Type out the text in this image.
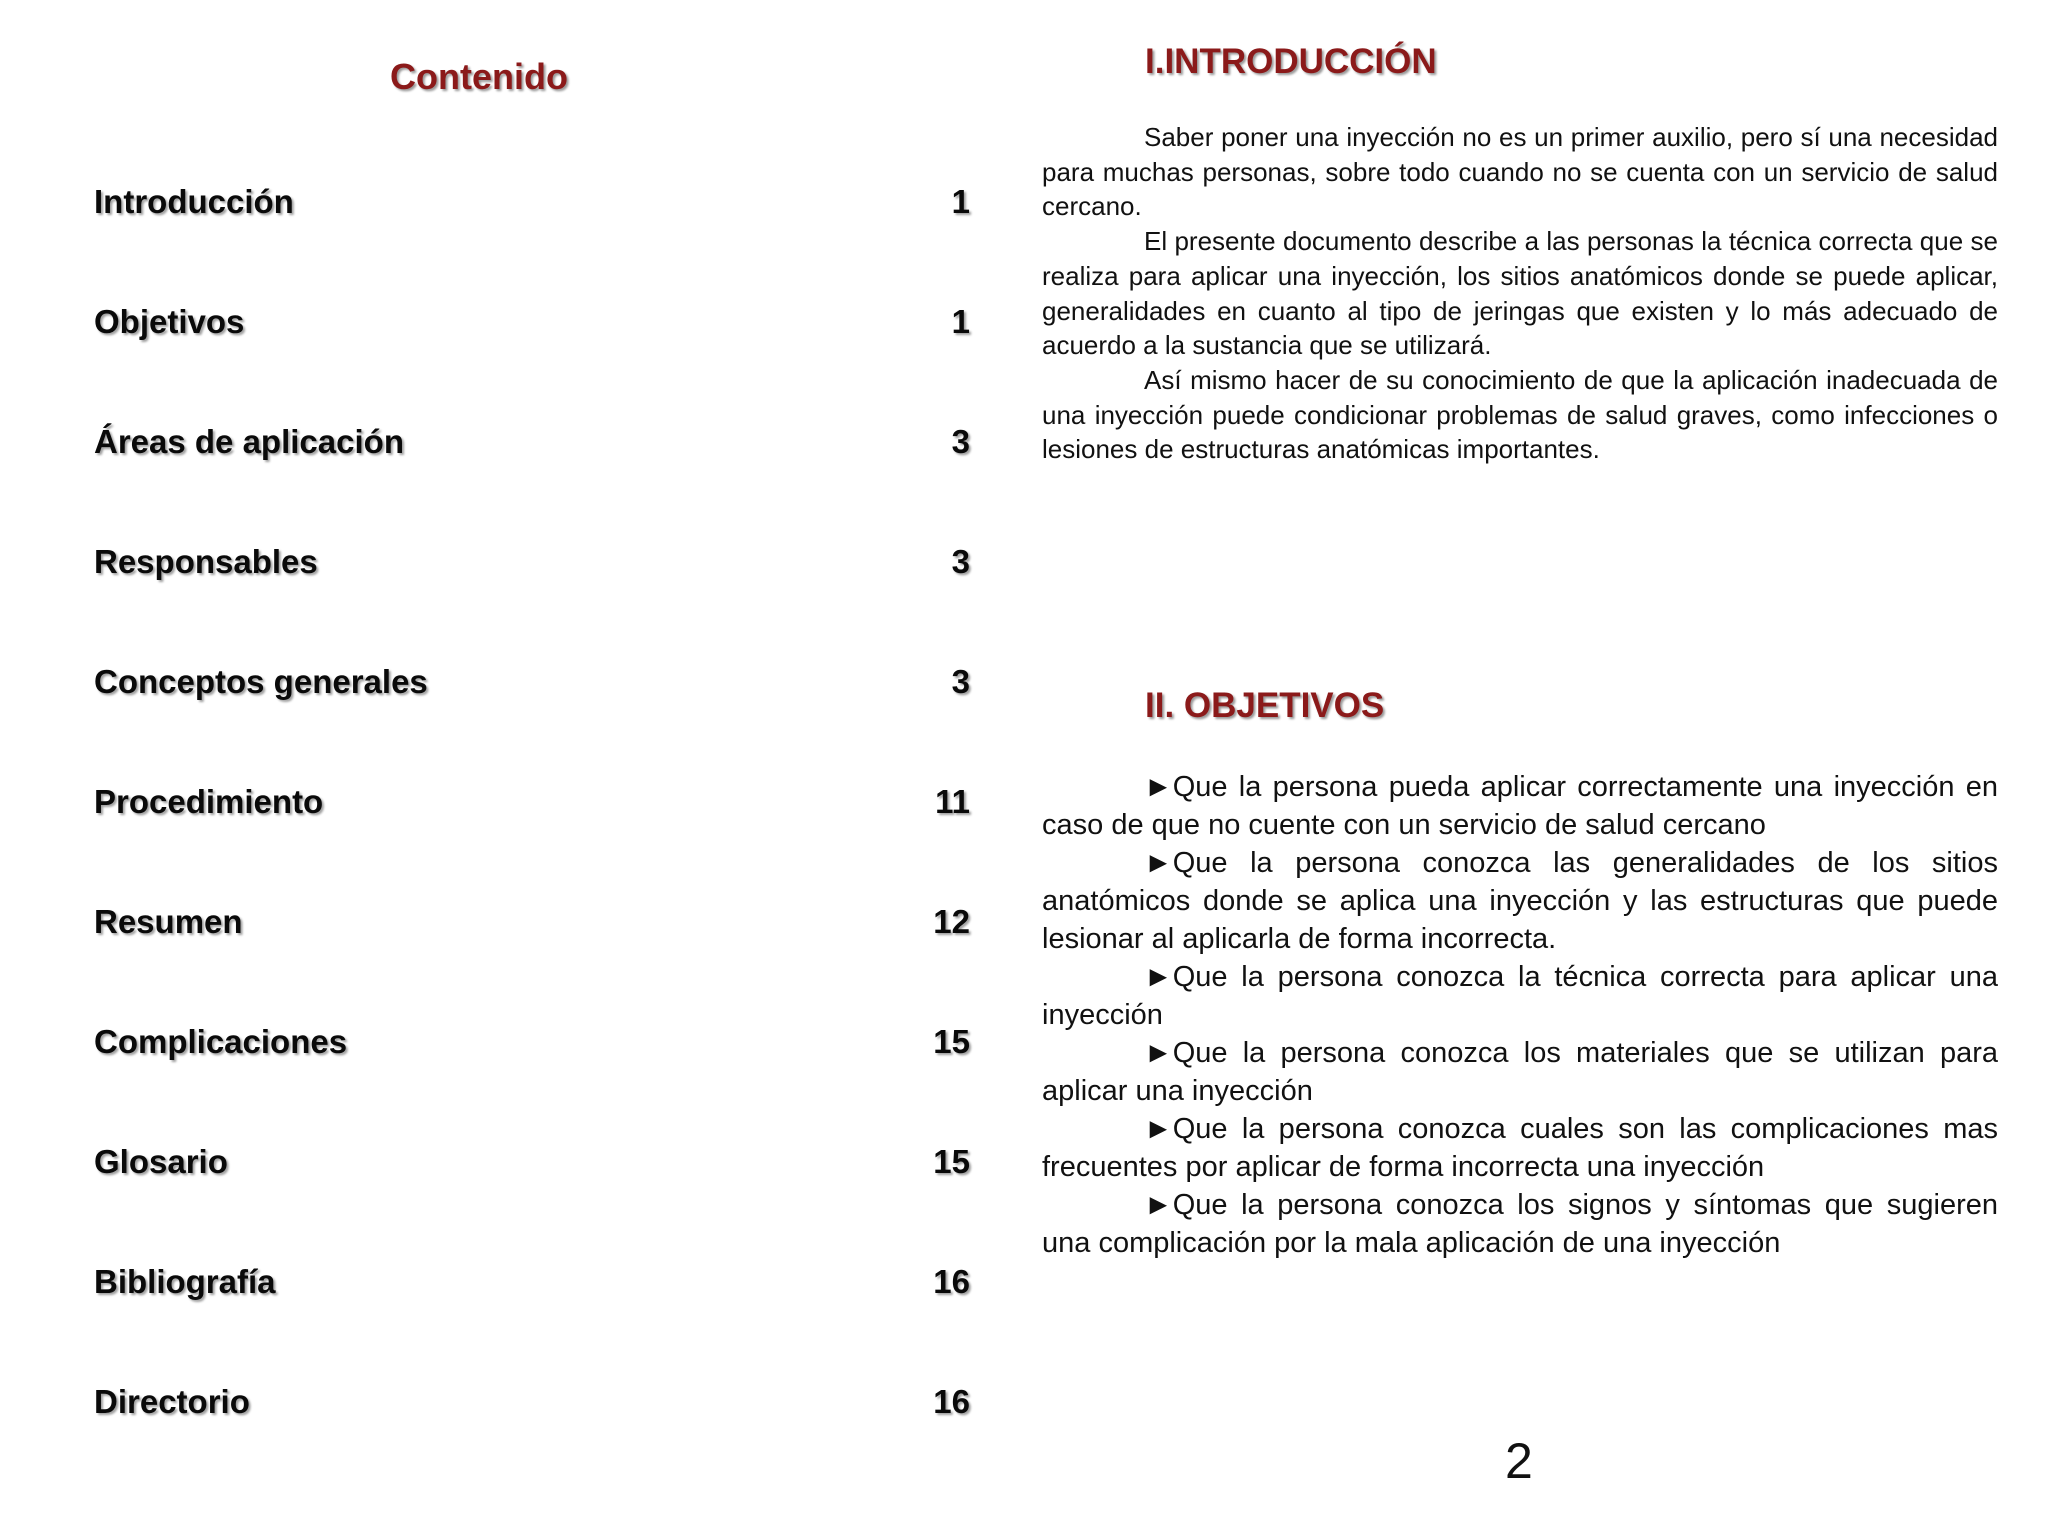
Contenido
Introducción	1
Objetivos	1
Áreas de aplicación	3
Responsables	3
Conceptos generales	3
Procedimiento	11
Resumen	12
Complicaciones	15
Glosario	15
Bibliografía	16
Directorio	16
I.INTRODUCCIÓN

Saber poner una inyección no es un primer auxilio, pero sí una necesidad para muchas personas, sobre todo cuando no se cuenta con un servicio de salud cercano.

El presente documento describe a las personas la técnica correcta que se realiza para aplicar una inyección, los sitios anatómicos donde se puede aplicar, generalidades en cuanto al tipo de jeringas que existen y lo más adecuado de acuerdo a la sustancia que se utilizará.

Así mismo hacer de su conocimiento de que la aplicación inadecuada de una inyección puede condicionar problemas de salud graves, como infecciones o lesiones de estructuras anatómicas importantes.

II. OBJETIVOS

►Que la persona pueda aplicar correctamente una inyección en caso de que no cuente con un servicio de salud cercano

►Que la persona conozca las generalidades de los sitios anatómicos donde se aplica una inyección y las estructuras que puede lesionar al aplicarla de forma incorrecta.

►Que la persona conozca la técnica correcta para aplicar una inyección

►Que la persona conozca los materiales que se utilizan para aplicar una inyección

►Que la persona conozca cuales son las complicaciones mas frecuentes por aplicar de forma incorrecta una inyección

►Que la persona conozca los signos y síntomas que sugieren una complicación por la mala aplicación de una inyección

2
